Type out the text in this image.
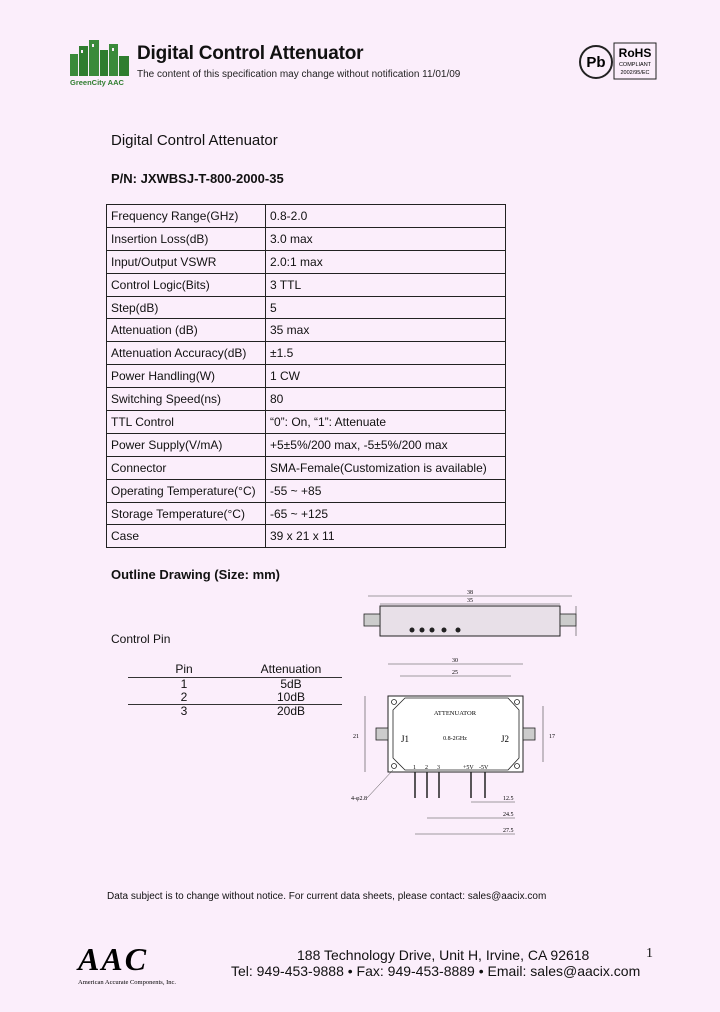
GreenCity AAC
Digital Control Attenuator
The content of this specification may change without notification 11/01/09
Pb
RoHS
COMPLIANT
2002/95/EC
Digital Control Attenuator
P/N: JXWBSJ-T-800-2000-35
Frequency Range(GHz)	0.8-2.0
Insertion Loss(dB)	3.0 max
Input/Output VSWR	2.0:1 max
Control Logic(Bits)	3 TTL
Step(dB)	5
Attenuation (dB)	35 max
Attenuation Accuracy(dB)	±1.5
Power Handling(W)	1 CW
Switching Speed(ns)	80
TTL Control	“0”: On, “1”: Attenuate
Power Supply(V/mA)	+5±5%/200 max, -5±5%/200 max
Connector	SMA-Female(Customization is available)
Operating Temperature(°C)	-55 ~ +85
Storage Temperature(°C)	-65 ~ +125
Case	39 x 21 x 11
Outline Drawing (Size: mm)
38
35
30
25
ATTENUATOR
0.8-2GHz
J1	J2
21	17
1 2 3	+5V -5V
12.5
24.5
27.5
4-φ2.8
Control Pin
Pin	Attenuation
1	5dB
2	10dB
3	20dB
Data subject is to change without notice. For current data sheets, please contact: sales@aacix.com
AAC
American Accurate Components, Inc.
188 Technology Drive, Unit H, Irvine, CA 92618
Tel: 949-453-9888 • Fax: 949-453-8889 • Email: sales@aacix.com
1
